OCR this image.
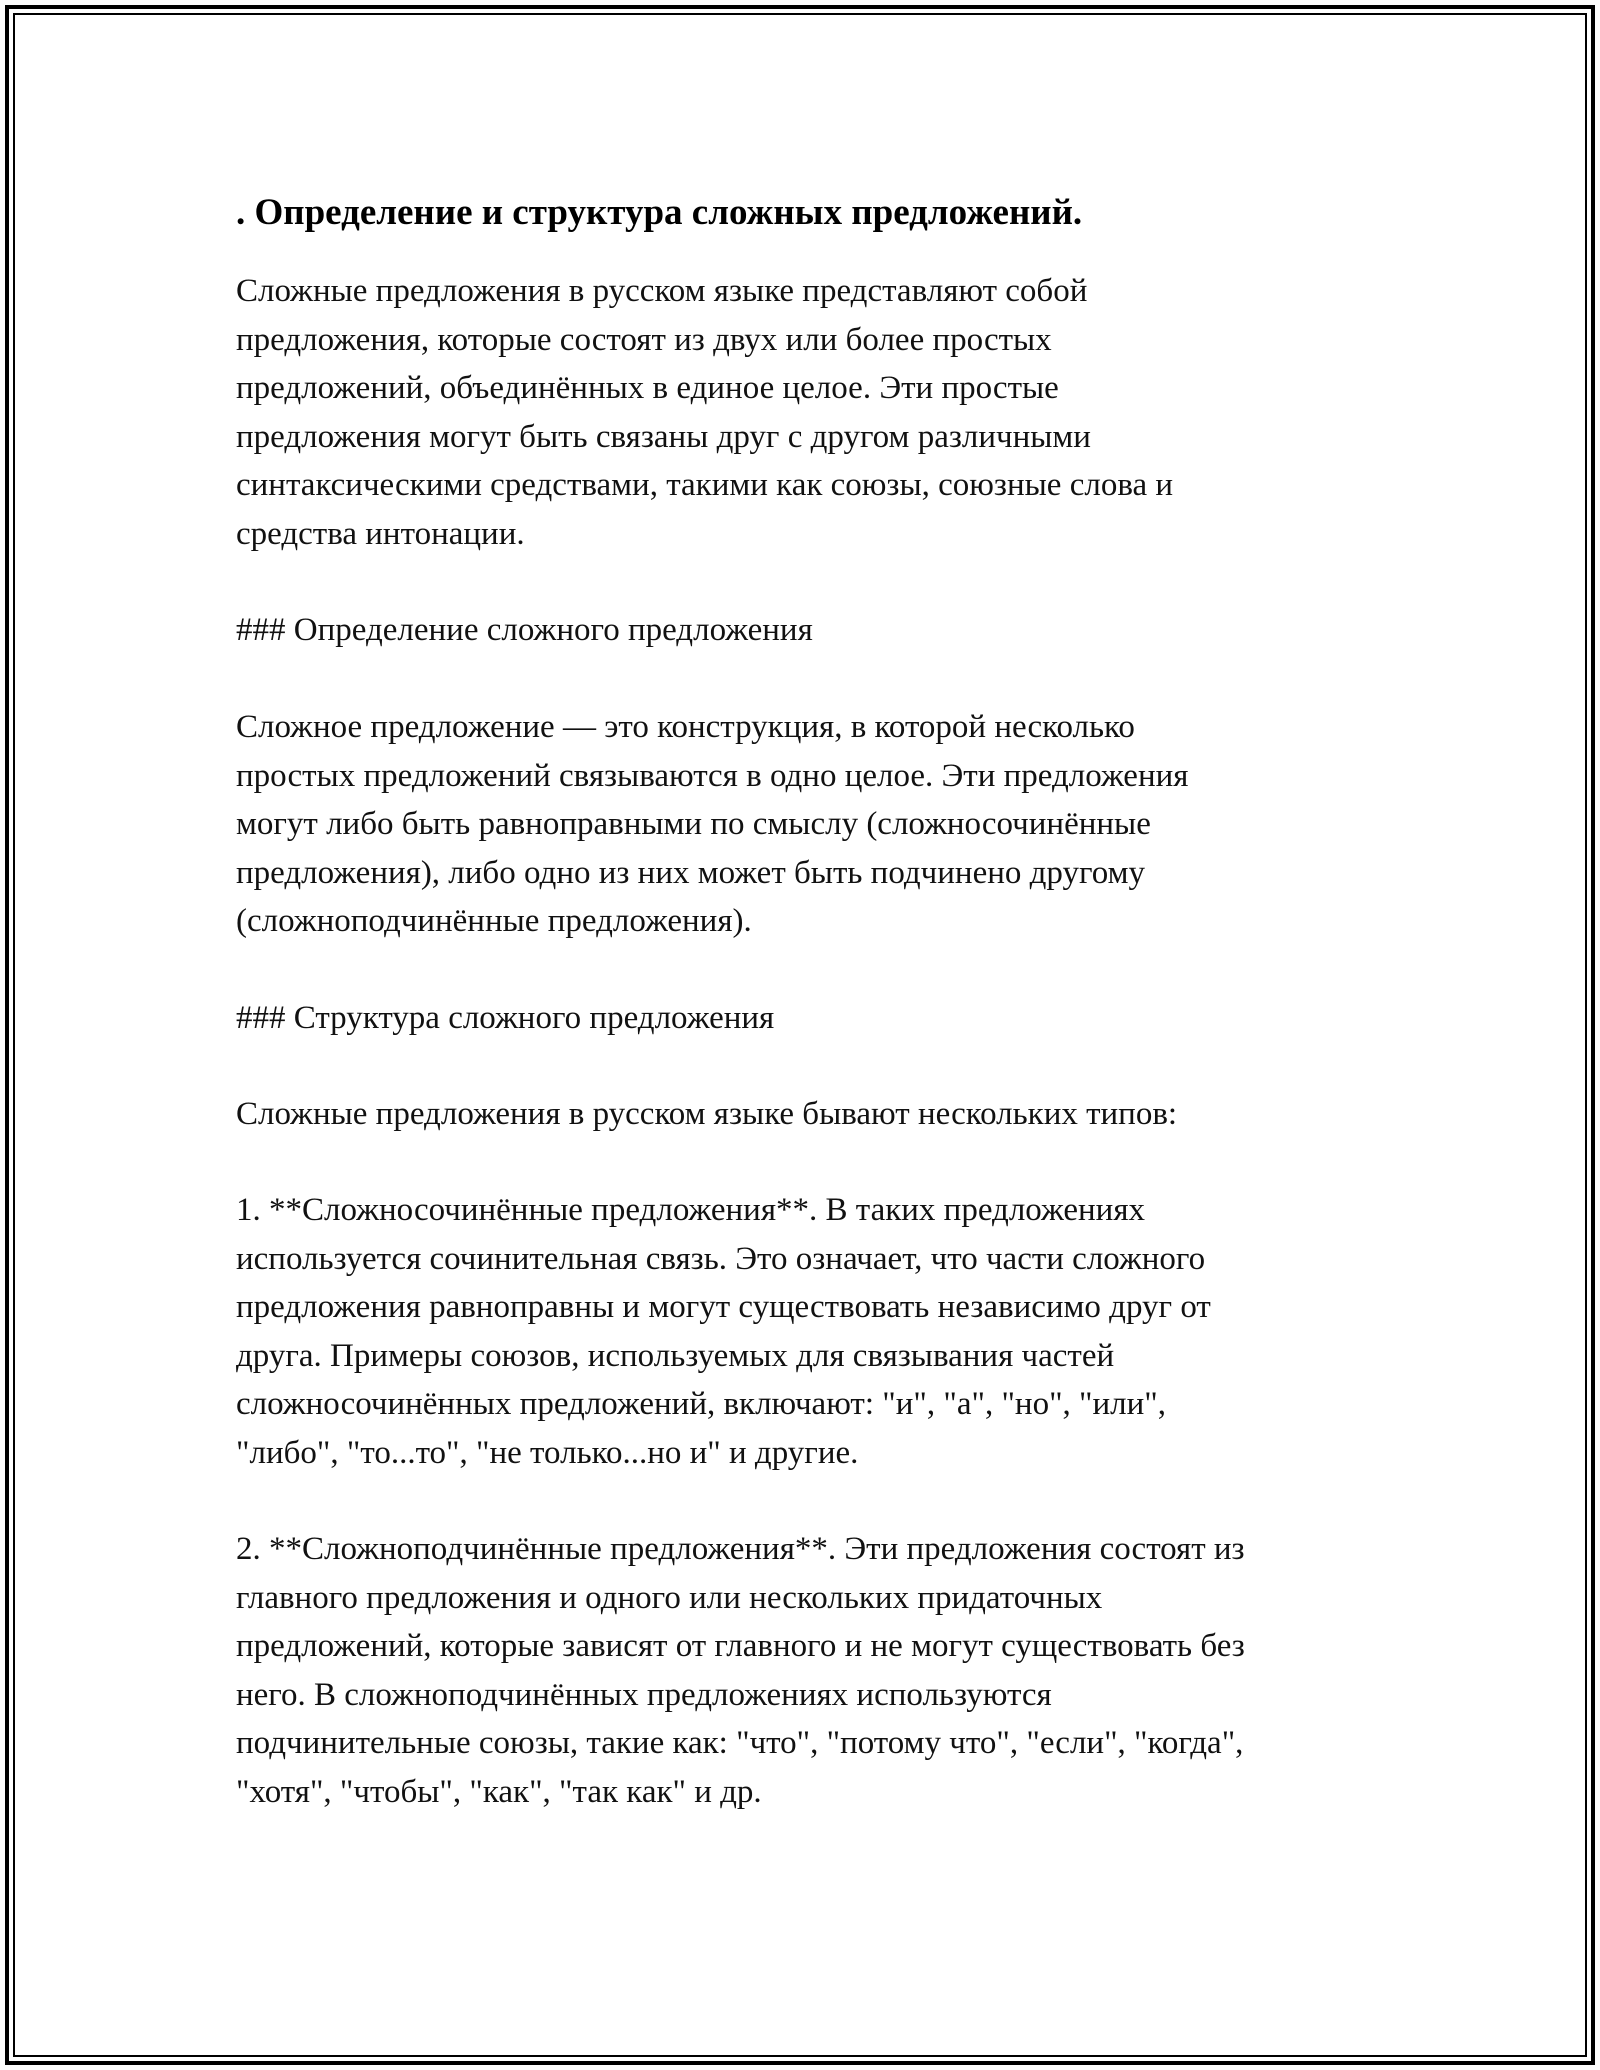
. Определение и структура сложных предложений.

Сложные предложения в русском языке представляют собой
предложения, которые состоят из двух или более простых
предложений, объединённых в единое целое. Эти простые
предложения могут быть связаны друг с другом различными
синтаксическими средствами, такими как союзы, союзные слова и
средства интонации.

### Определение сложного предложения

Сложное предложение — это конструкция, в которой несколько
простых предложений связываются в одно целое. Эти предложения
могут либо быть равноправными по смыслу (сложносочинённые
предложения), либо одно из них может быть подчинено другому
(сложноподчинённые предложения).

### Структура сложного предложения

Сложные предложения в русском языке бывают нескольких типов:

1. **Сложносочинённые предложения**. В таких предложениях
используется сочинительная связь. Это означает, что части сложного
предложения равноправны и могут существовать независимо друг от
друга. Примеры союзов, используемых для связывания частей
сложносочинённых предложений, включают: "и", "а", "но", "или",
"либо", "то...то", "не только...но и" и другие.

2. **Сложноподчинённые предложения**. Эти предложения состоят из
главного предложения и одного или нескольких придаточных
предложений, которые зависят от главного и не могут существовать без
него. В сложноподчинённых предложениях используются
подчинительные союзы, такие как: "что", "потому что", "если", "когда",
"хотя", "чтобы", "как", "так как" и др.
